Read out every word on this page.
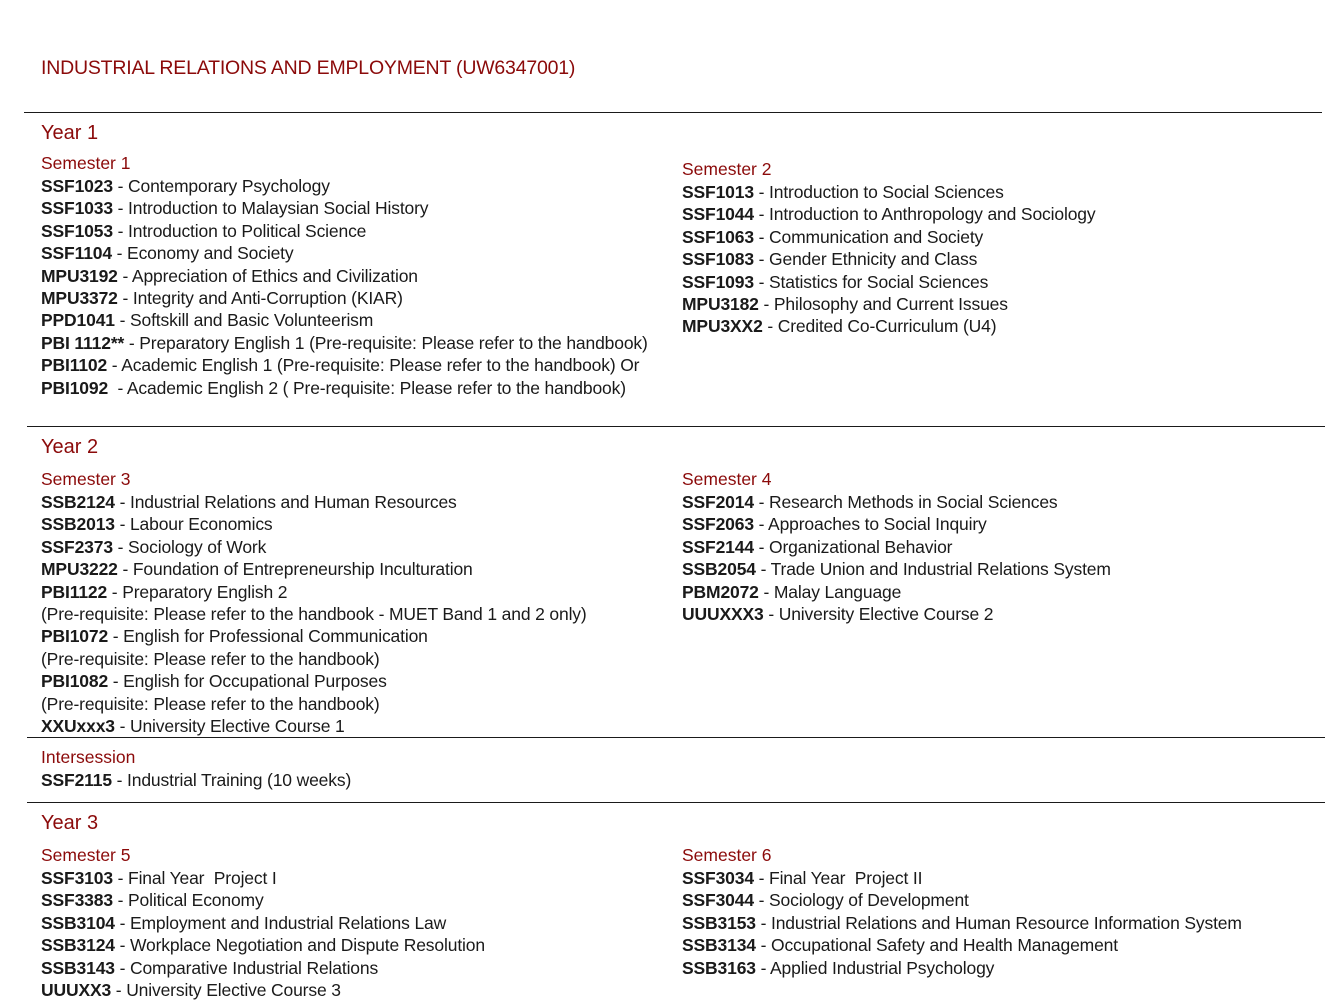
INDUSTRIAL RELATIONS AND EMPLOYMENT (UW6347001)
Year 1
Semester 1
SSF1023 - Contemporary Psychology
SSF1033 - Introduction to Malaysian Social History
SSF1053 - Introduction to Political Science
SSF1104 - Economy and Society
MPU3192 - Appreciation of Ethics and Civilization
MPU3372 - Integrity and Anti-Corruption (KIAR)
PPD1041 - Softskill and Basic Volunteerism
PBI 1112** - Preparatory English 1 (Pre-requisite: Please refer to the handbook)
PBI1102 - Academic English 1 (Pre-requisite: Please refer to the handbook) Or
PBI1092  - Academic English 2 ( Pre-requisite: Please refer to the handbook)
Semester 2
SSF1013 - Introduction to Social Sciences
SSF1044 - Introduction to Anthropology and Sociology
SSF1063 - Communication and Society
SSF1083 - Gender Ethnicity and Class
SSF1093 - Statistics for Social Sciences
MPU3182 - Philosophy and Current Issues
MPU3XX2 - Credited Co-Curriculum (U4)
Year 2
Semester 3
SSB2124 - Industrial Relations and Human Resources
SSB2013 - Labour Economics
SSF2373 - Sociology of Work
MPU3222 - Foundation of Entrepreneurship Inculturation
PBI1122 - Preparatory English 2
(Pre-requisite: Please refer to the handbook - MUET Band 1 and 2 only)
PBI1072 - English for Professional Communication
(Pre-requisite: Please refer to the handbook)
PBI1082 - English for Occupational Purposes
(Pre-requisite: Please refer to the handbook)
XXUxxx3 - University Elective Course 1
Semester 4
SSF2014 - Research Methods in Social Sciences
SSF2063 - Approaches to Social Inquiry
SSF2144 - Organizational Behavior
SSB2054 - Trade Union and Industrial Relations System
PBM2072 - Malay Language
UUUXXX3 - University Elective Course 2
Intersession
SSF2115 - Industrial Training (10 weeks)
Year 3
Semester 5
SSF3103 - Final Year  Project I
SSF3383 - Political Economy
SSB3104 - Employment and Industrial Relations Law
SSB3124 - Workplace Negotiation and Dispute Resolution
SSB3143 - Comparative Industrial Relations
UUUXX3 - University Elective Course 3
Semester 6
SSF3034 - Final Year  Project II
SSF3044 - Sociology of Development
SSB3153 - Industrial Relations and Human Resource Information System
SSB3134 - Occupational Safety and Health Management
SSB3163 - Applied Industrial Psychology
